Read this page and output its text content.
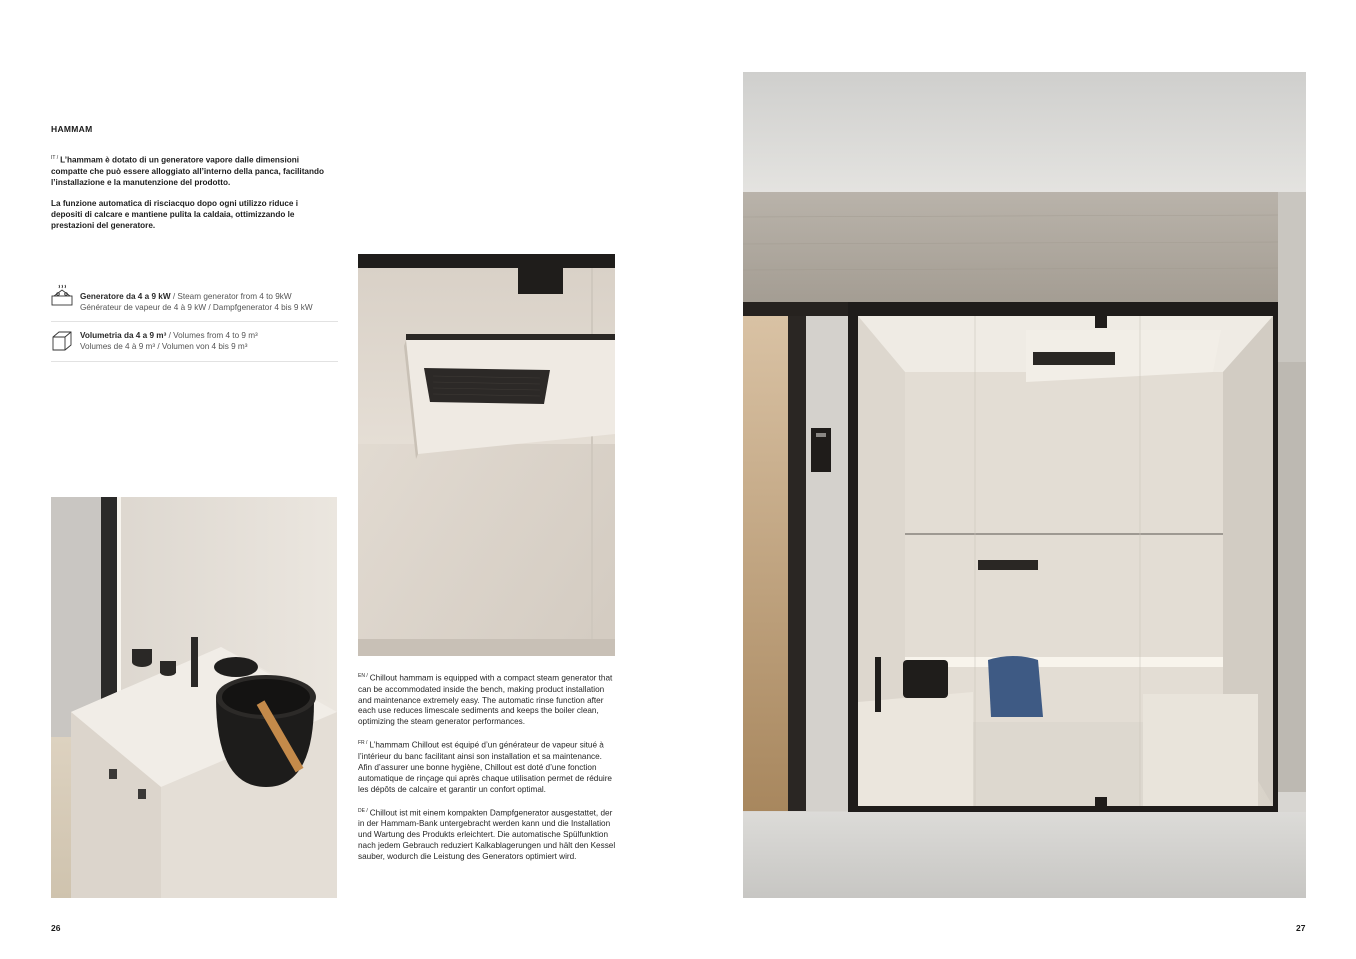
HAMMAM

$^{IT /}$ L’hammam è dotato di un generatore vapore dalle dimensioni compatte che può essere alloggiato all’interno della panca, facilitando l’installazione e la manutenzione del prodotto.

La funzione automatica di risciacquo dopo ogni utilizzo riduce i depositi di calcare e mantiene pulita la caldaia, ottimizzando le prestazioni del generatore.

Generatore da 4 a 9 kW / Steam generator from 4 to 9kW
Générateur de vapeur de 4 à 9 kW / Dampfgenerator 4 bis 9 kW
Volumetria da 4 a 9 m³ / Volumes from 4 to 9 m³
Volumes de 4 à 9 m³ / Volumen von 4 bis 9 m³

$^{EN /}$ Chillout hammam is equipped with a compact steam generator that can be accommodated inside the bench, making product installation and maintenance extremely easy. The automatic rinse function after each use reduces limescale sediments and keeps the boiler clean, optimizing the steam generator performances.

$^{FR /}$ L’hammam Chillout est équipé d’un générateur de vapeur situé à l’intérieur du banc facilitant ainsi son installation et sa maintenance.

Afin d’assurer une bonne hygiène, Chillout est doté d’une fonction automatique de rinçage qui après chaque utilisation permet de réduire les dépôts de calcaire et garantir un confort optimal.

$^{DE /}$ Chillout ist mit einem kompakten Dampfgenerator ausgestattet, der in der Hammam-Bank untergebracht werden kann und die Installation und Wartung des Produkts erleichtert. Die automatische Spülfunktion nach jedem Gebrauch reduziert Kalkablagerungen und hält den Kessel sauber, wodurch die Leistung des Generators optimiert wird.

26	27
